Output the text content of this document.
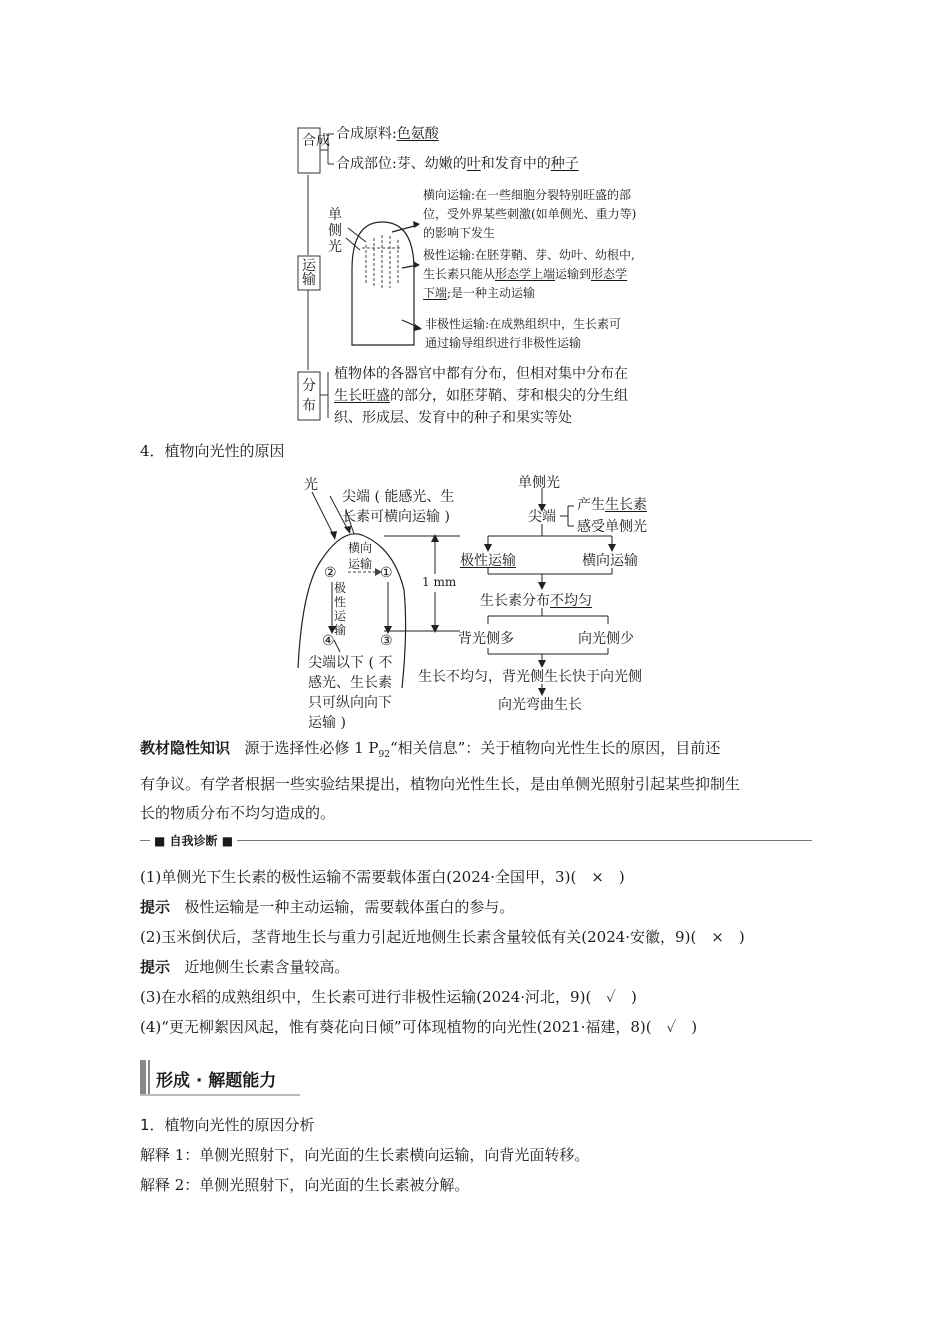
合成
运输
分布
合成原料:色氨酸
合成部位:芽、幼嫩的叶和发育中的种子
单
侧
光
横向运输:在一些细胞分裂特别旺盛的部
位，受外界某些刺激(如单侧光、重力等)
的影响下发生
极性运输:在胚芽鞘、芽、幼叶、幼根中,
生长素只能从形态学上端运输到形态学
下端;是一种主动运输
非极性运输:在成熟组织中，生长素可
通过输导组织进行非极性运输
植物体的各器官中都有分布，但相对集中分布在
生长旺盛的部分，如胚芽鞘、芽和根尖的分生组
织、形成层、发育中的种子和果实等处
4．植物向光性的原因
光
尖端 ( 能感光、生
长素可横向运输 )
横向
运输
②	①
极
性
运
输
④	③
1 mm
尖端以下 ( 不
感光、生长素
只可纵向向下
运输 )
单侧光
尖端
产生生长素
感受单侧光
极性运输	横向运输
生长素分布不均匀
背光侧多	向光侧少
生长不均匀，背光侧生长快于向光侧
向光弯曲生长
教材隐性知识 源于选择性必修 1 $P_{92}“$相关信息”：关于植物向光性生长的原因，目前还
有争议。有学者根据一些实验结果提出，植物向光性生长，是由单侧光照射引起某些抑制生
长的物质分布不均匀造成的。
■ 自我诊断 ■
(1)单侧光下生长素的极性运输不需要载体蛋白(2024·全国甲，3)(　×　)
提示 极性运输是一种主动运输，需要载体蛋白的参与。
(2)玉米倒伏后，茎背地生长与重力引起近地侧生长素含量较低有关(2024·安徽，9)(　×　)
提示 近地侧生长素含量较高。
(3)在水稻的成熟组织中，生长素可进行非极性运输(2024·河北，9)(　✓　)
(4)“更无柳絮因风起，惟有葵花向日倾”可体现植物的向光性(2021·福建，8)(　✓　)
形成 · 解题能力
1．植物向光性的原因分析
解释 1：单侧光照射下，向光面的生长素横向运输，向背光面转移。
解释 2：单侧光照射下，向光面的生长素被分解。
